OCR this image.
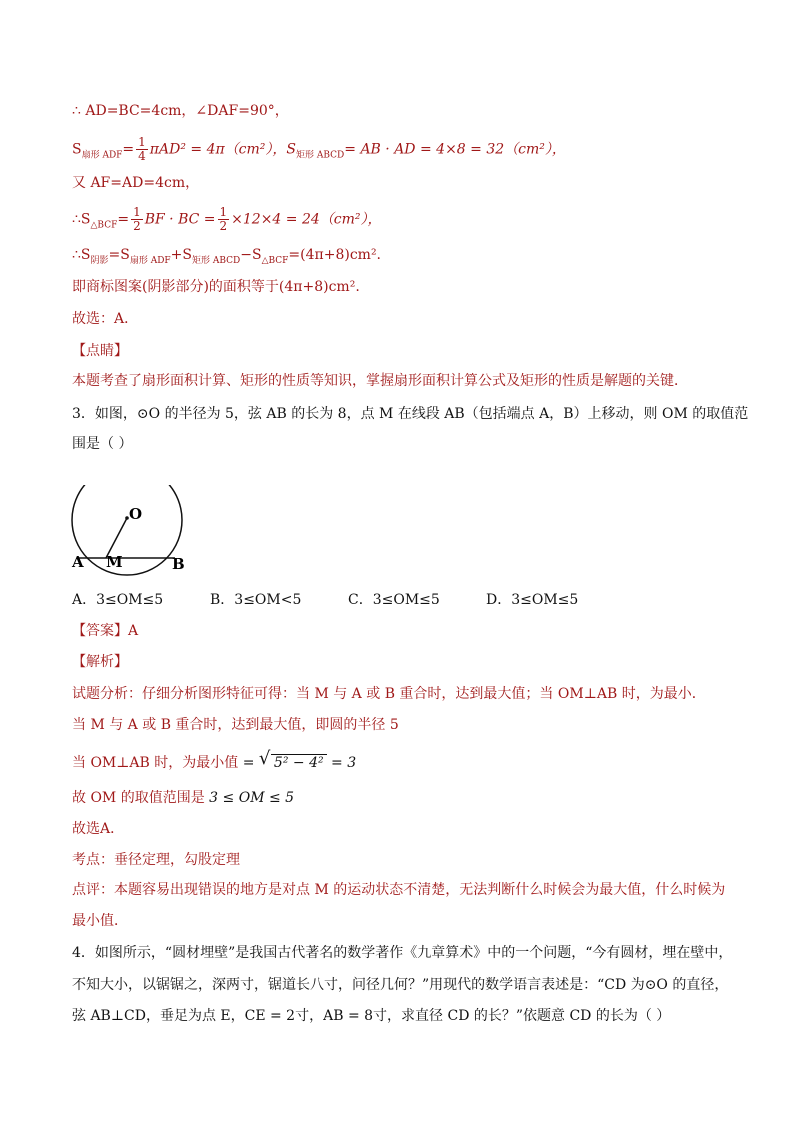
∴ AD=BC=4cm，∠DAF=90°，
$S_{扇形 ADF}= \frac{1}{4} \pi AD^2 = 4\pi(cm^2)$，$S_{矩形 ABCD}=$ AB · AD = 4×8 = 32（cm²），
又 AF=AD=4cm，
$\therefore S_{\triangle BCF}= \frac{1}{2}$ BF · BC = $\frac{1}{2} \times 12\times 4 = 24(cm^2)$，
$\therefore S_{阴影}=S_{扇形 ADF}+S_{矩形 ABCD}-S_{\triangle BCF}=(4\pi+8)cm^2$.
即商标图案(阴影部分)的面积等于(4π+8)cm².
故选：A．
【点睛】
本题考查了扇形面积计算、矩形的性质等知识，掌握扇形面积计算公式及矩形的性质是解题的关键．
3．如图，⊙O 的半径为 5，弦 AB 的长为 8，点 M 在线段 AB（包括端点 A，B）上移动，则 OM 的取值范
围是（ ）
O
A M	B
A．3≤OM≤5	B．3≤OM<5	C．3≤OM≤5	D．3≤OM≤5
【答案】A
【解析】
试题分析：仔细分析图形特征可得：当 M 与 A 或 B 重合时，达到最大值；当 OM⊥AB 时，为最小．
当 M 与 A 或 B 重合时，达到最大值，即圆的半径 5
当 OM⊥AB 时，为最小值 = √ 5² − 4² = 3
故 OM 的取值范围是 3 ≤ OM ≤ 5
故选A．
考点：垂径定理，勾股定理
点评：本题容易出现错误的地方是对点 M 的运动状态不清楚，无法判断什么时候会为最大值，什么时候为
最小值．
4．如图所示，“圆材埋壁”是我国古代著名的数学著作《九章算术》中的一个问题，“今有圆材，埋在壁中，
不知大小，以锯锯之，深两寸，锯道长八寸，问径几何？”用现代的数学语言表述是：“CD 为⊙O 的直径，
弦 AB⊥CD，垂足为点 E，CE = 2寸，AB = 8寸，求直径 CD 的长？”依题意 CD 的长为（ ）
